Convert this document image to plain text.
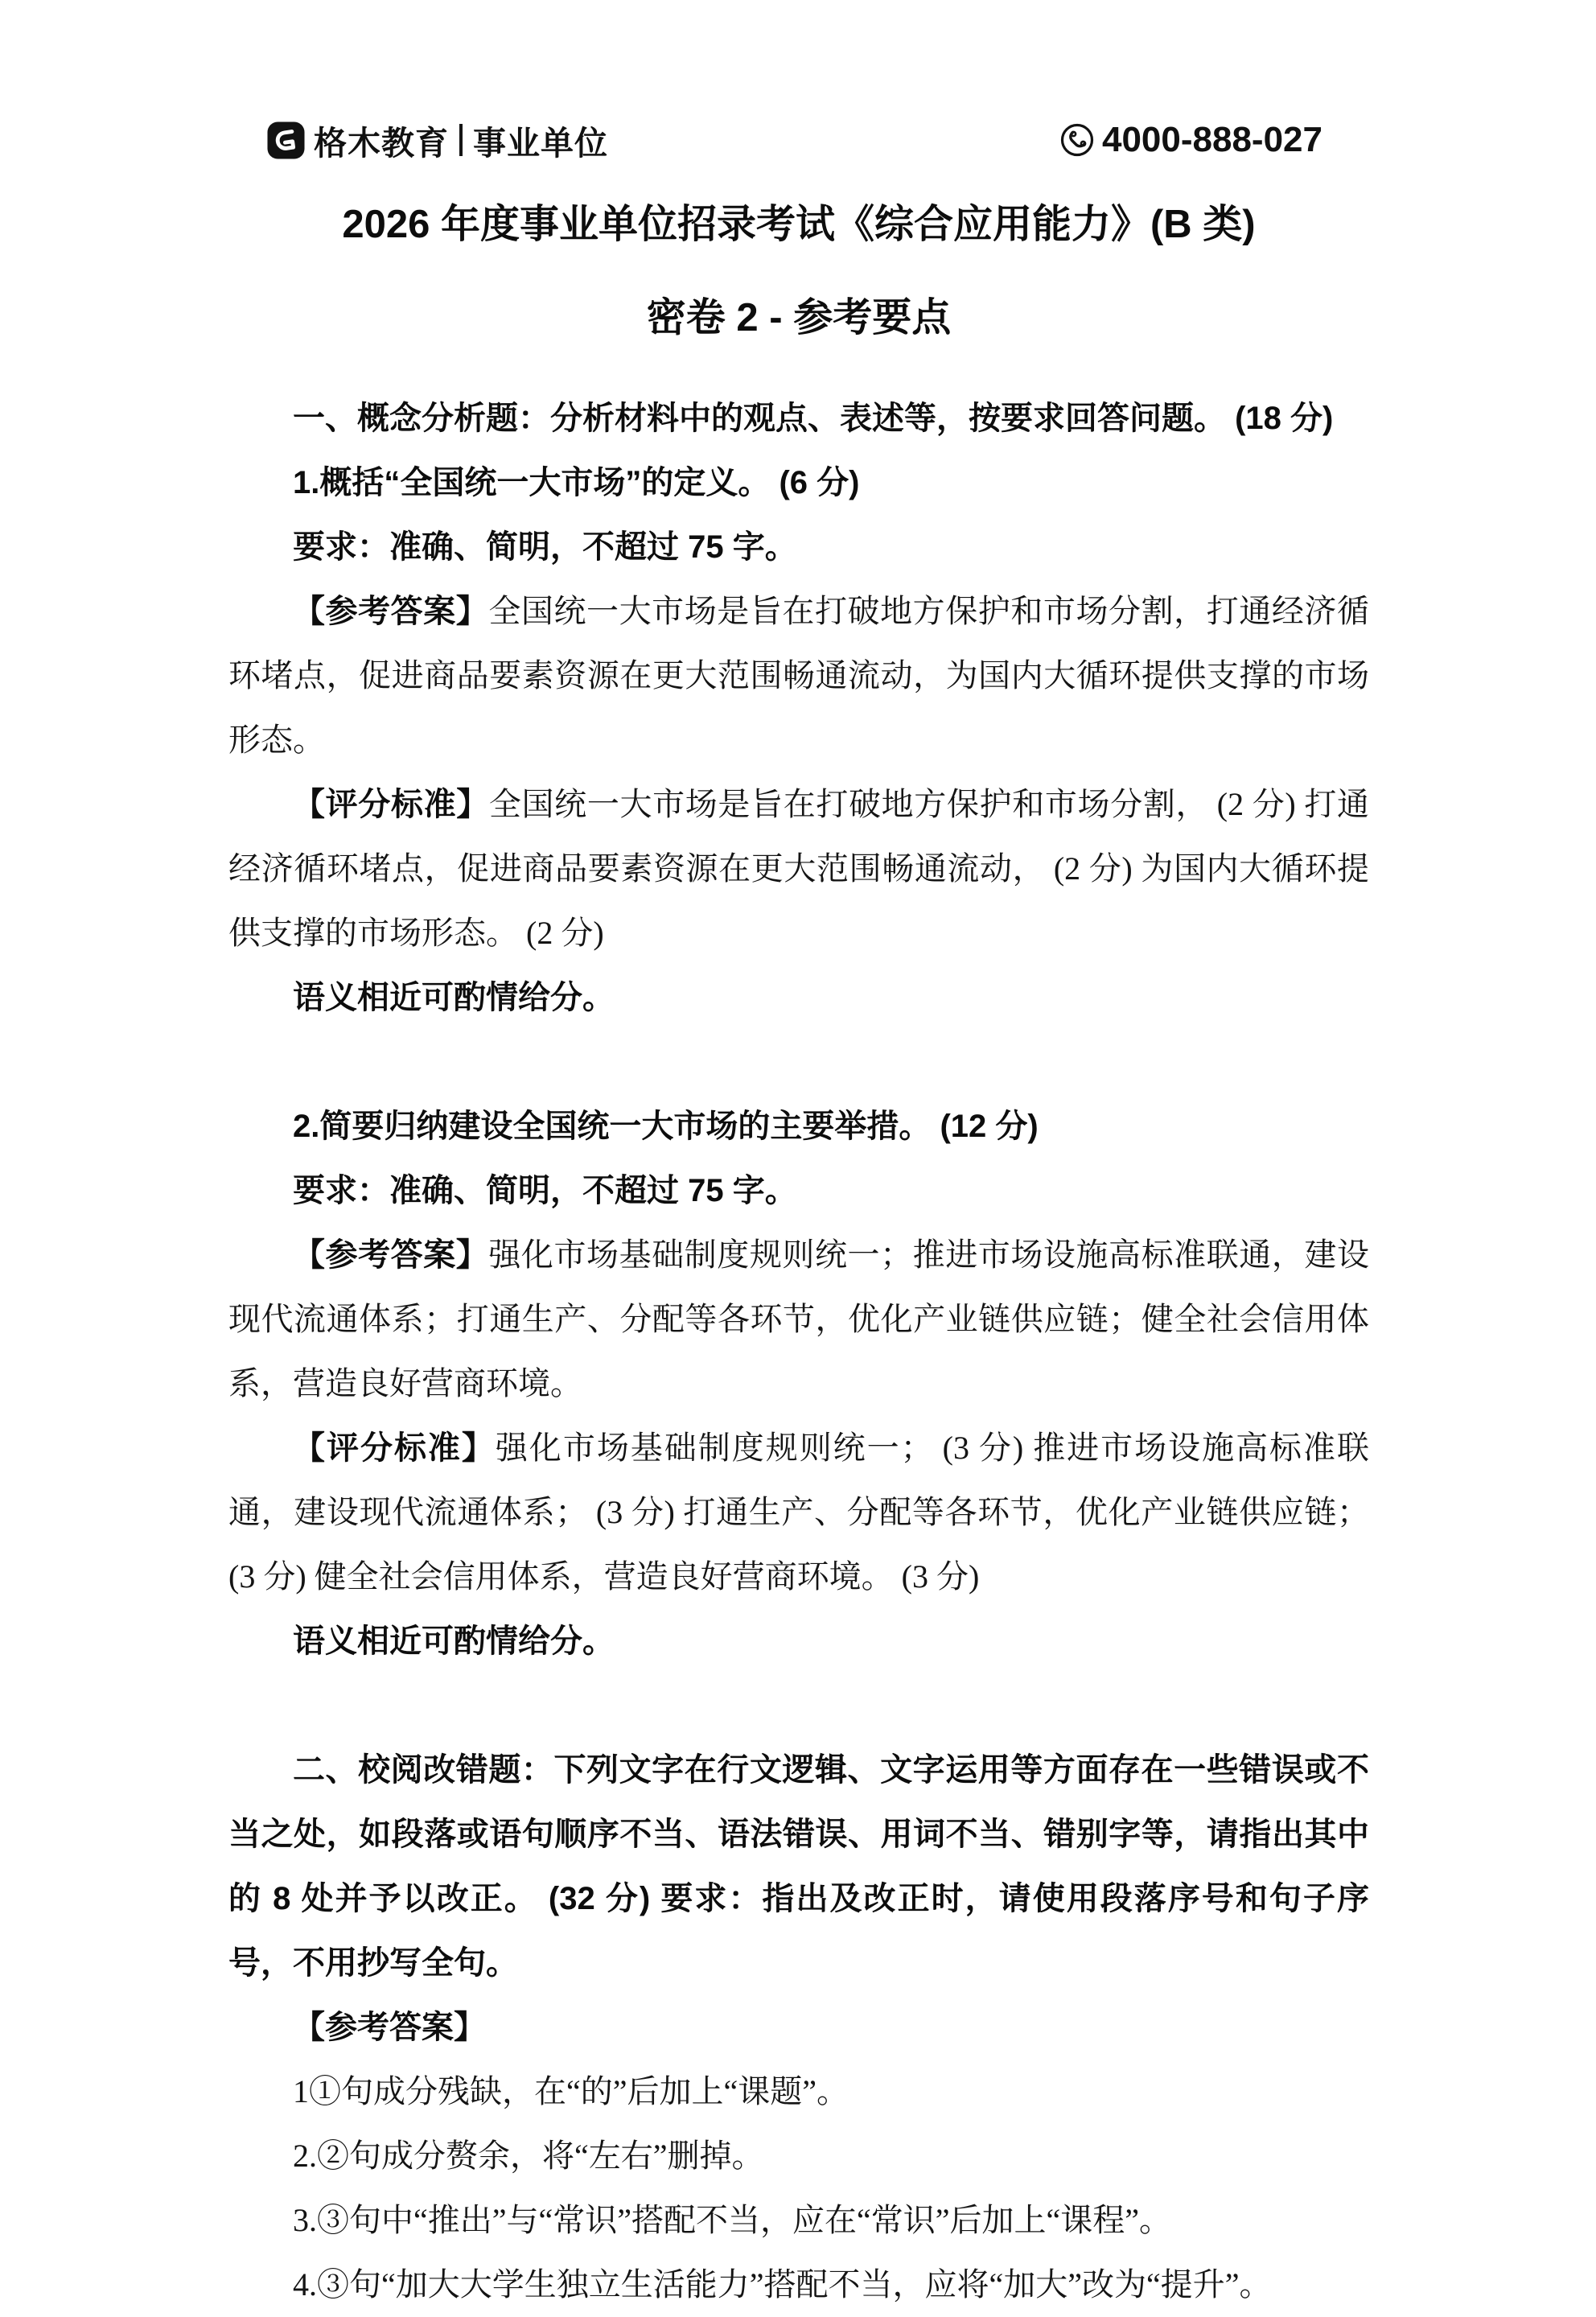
格木教育 事业单位	4000-888-027
2026 年度事业单位招录考试《综合应用能力》(B 类)
密卷 2 - 参考要点

一、概念分析题：分析材料中的观点、表述等，按要求回答问题。 (18 分)

1.概括“全国统一大市场”的定义。 (6 分)

要求：准确、简明，不超过 75 字。

【参考答案】全国统一大市场是旨在打破地方保护和市场分割，打通经济循环堵点，促进商品要素资源在更大范围畅通流动，为国内大循环提供支撑的市场形态。

【评分标准】全国统一大市场是旨在打破地方保护和市场分割， (2 分) 打通经济循环堵点，促进商品要素资源在更大范围畅通流动， (2 分) 为国内大循环提供支撑的市场形态。 (2 分)

语义相近可酌情给分。

2.简要归纳建设全国统一大市场的主要举措。 (12 分)

要求：准确、简明，不超过 75 字。

【参考答案】强化市场基础制度规则统一；推进市场设施高标准联通，建设现代流通体系；打通生产、分配等各环节，优化产业链供应链；健全社会信用体系，营造良好营商环境。

【评分标准】强化市场基础制度规则统一； (3 分) 推进市场设施高标准联通，建设现代流通体系； (3 分) 打通生产、分配等各环节，优化产业链供应链； (3 分) 健全社会信用体系，营造良好营商环境。 (3 分)

语义相近可酌情给分。

二、校阅改错题：下列文字在行文逻辑、文字运用等方面存在一些错误或不当之处，如段落或语句顺序不当、语法错误、用词不当、错别字等，请指出其中的 8 处并予以改正。 (32 分) 要求：指出及改正时，请使用段落序号和句子序号，不用抄写全句。

【参考答案】

1①句成分残缺，在“的”后加上“课题”。

2.②句成分赘余，将“左右”删掉。

3.③句中“推出”与“常识”搭配不当，应在“常识”后加上“课程”。

4.③句“加大大学生独立生活能力”搭配不当，应将“加大”改为“提升”。
